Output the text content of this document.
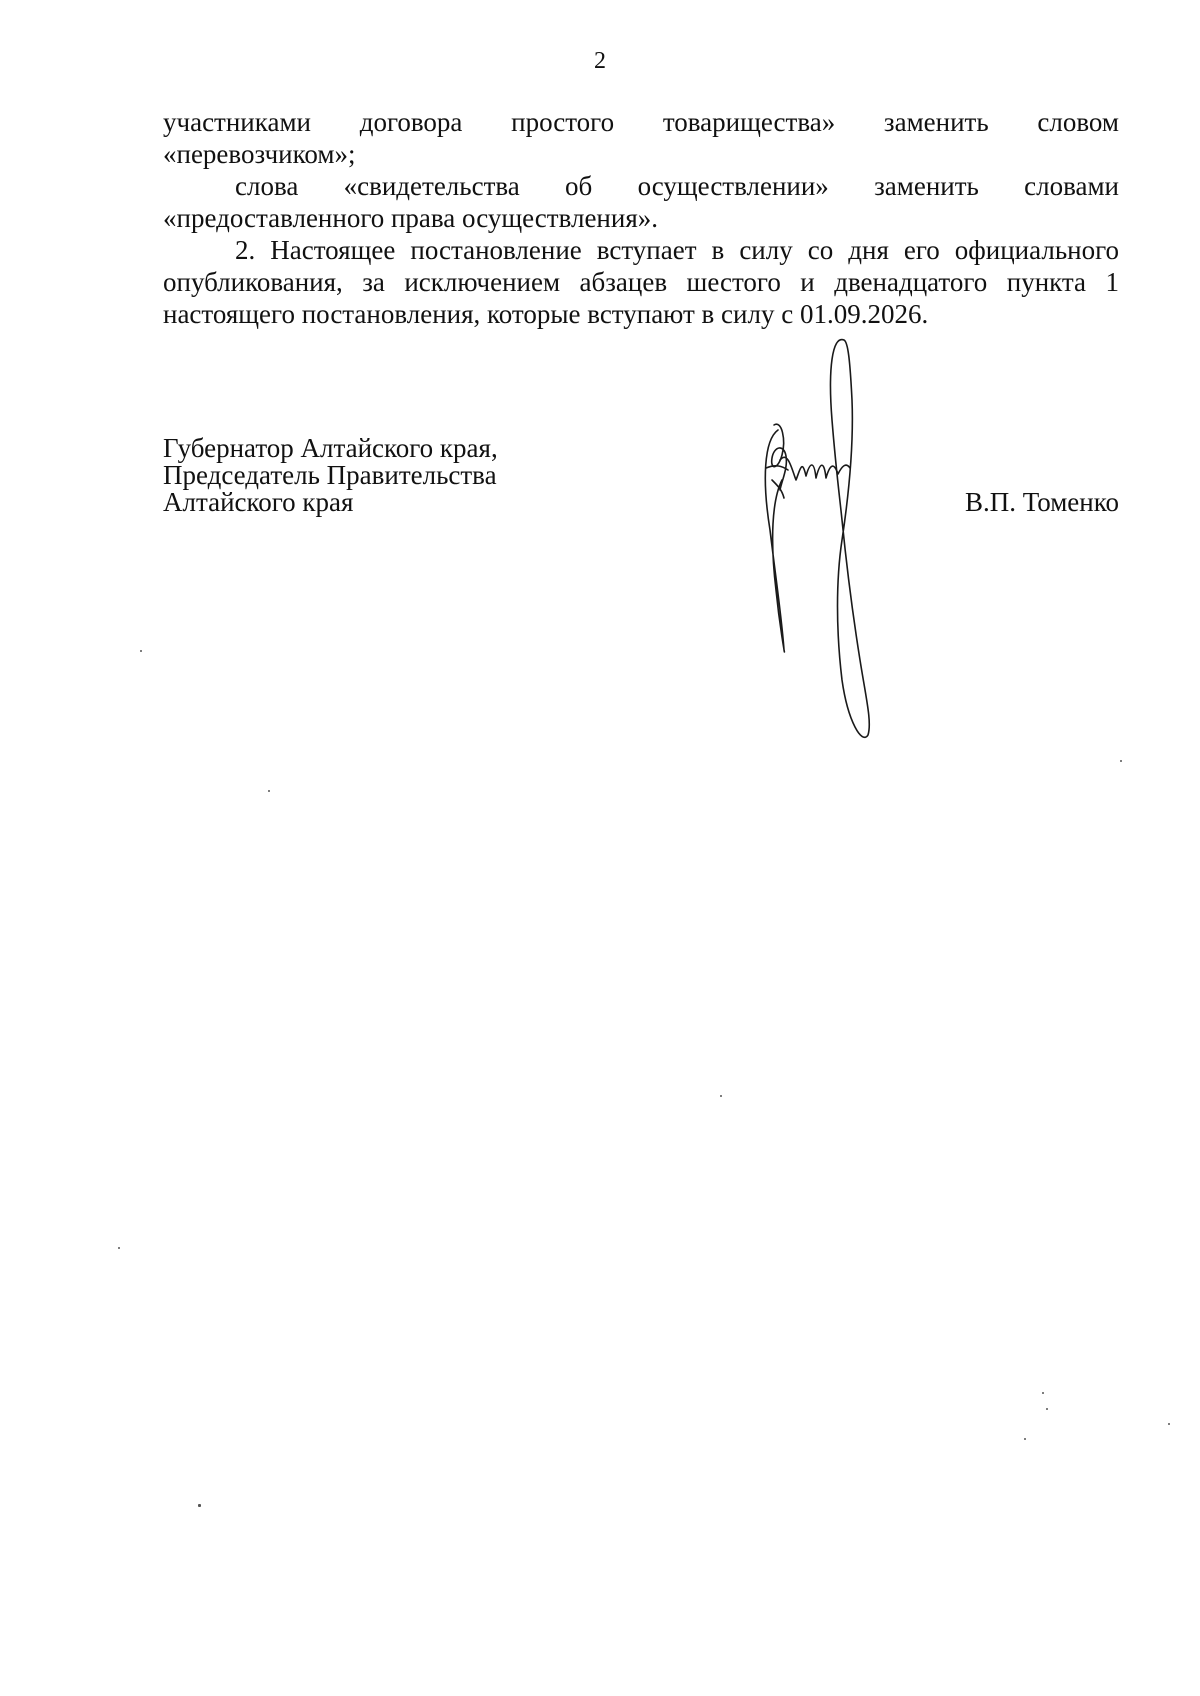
2

участниками договора простого товарищества» заменить словом
«перевозчиком»;

слова «свидетельства об осуществлении» заменить словами

«предоставленного права осуществления».

2. Настоящее постановление вступает в силу со дня его официального опубликования, за исключением абзацев шестого и двенадцатого пункта 1 настоящего постановления, которые вступают в силу с 01.09.2026.

Губернатор Алтайского края,
Председатель Правительства
Алтайского края	В.П. Томенко
